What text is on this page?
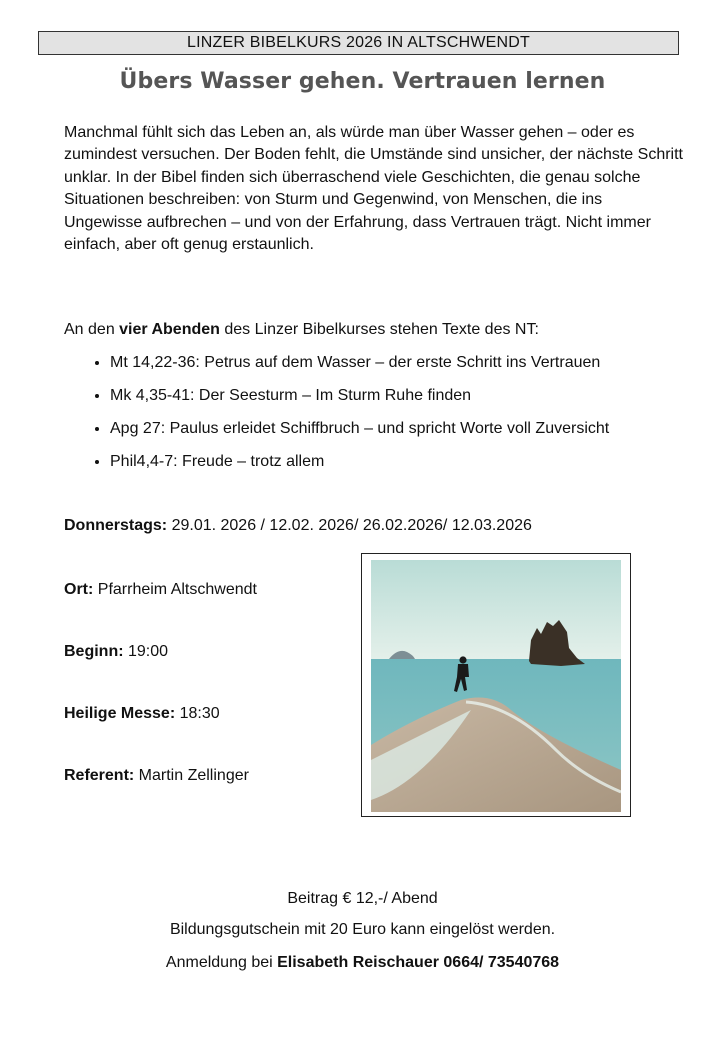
LINZER BIBELKURS 2026 IN ALTSCHWENDT
Übers Wasser gehen. Vertrauen lernen
Manchmal fühlt sich das Leben an, als würde man über Wasser gehen – oder es zumindest versuchen. Der Boden fehlt, die Umstände sind unsicher, der nächste Schritt unklar. In der Bibel finden sich überraschend viele Geschichten, die genau solche Situationen beschreiben: von Sturm und Gegenwind, von Menschen, die ins Ungewisse aufbrechen – und von der Erfahrung, dass Vertrauen trägt. Nicht immer einfach, aber oft genug erstaunlich.
An den vier Abenden des Linzer Bibelkurses stehen Texte des NT:
• Mt 14,22-36: Petrus auf dem Wasser – der erste Schritt ins Vertrauen
• Mk 4,35-41: Der Seesturm – Im Sturm Ruhe finden
• Apg 27: Paulus erleidet Schiffbruch – und spricht Worte voll Zuversicht
• Phil4,4-7: Freude – trotz allem
Donnerstags: 29.01. 2026 / 12.02. 2026/ 26.02.2026/ 12.03.2026
Ort: Pfarrheim Altschwendt
Beginn: 19:00
Heilige Messe: 18:30
Referent: Martin Zellinger
Beitrag € 12,-/ Abend
Bildungsgutschein mit 20 Euro kann eingelöst werden.
Anmeldung bei Elisabeth Reischauer 0664/ 73540768
